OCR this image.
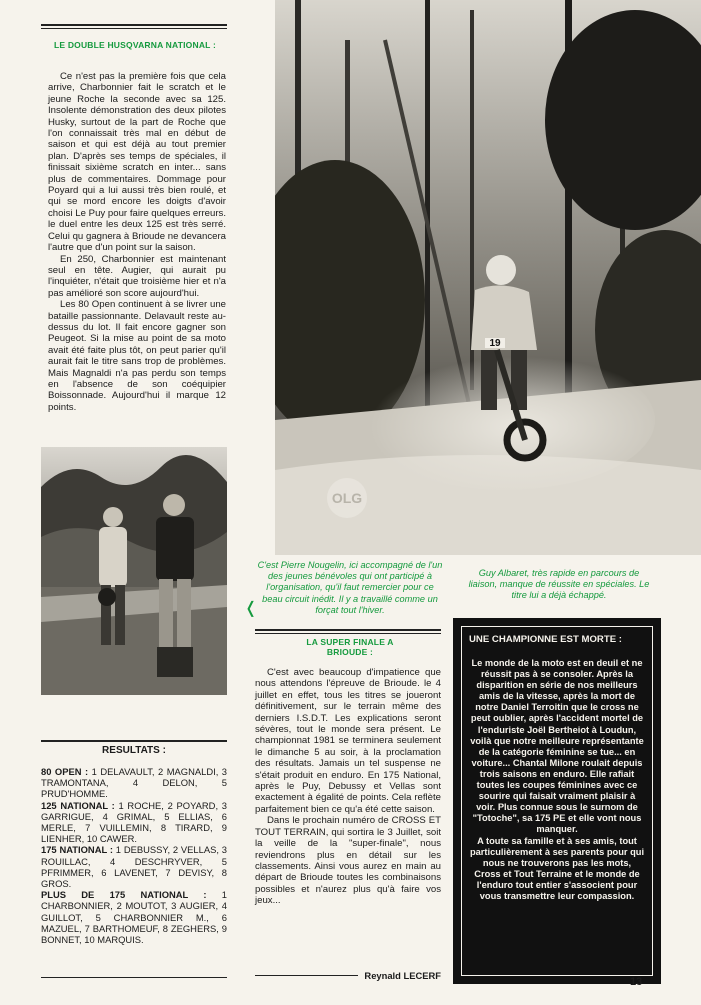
LE DOUBLE HUSQVARNA NATIONAL :

Ce n'est pas la première fois que cela arrive, Charbonnier fait le scratch et le jeune Roche la seconde avec sa 125. Insolente démonstration des deux pilotes Husky, surtout de la part de Roche que l'on connaissait très mal en début de saison et qui est déjà au tout premier plan. D'après ses temps de spéciales, il finissait sixième scratch en inter... sans plus de commentaires. Dommage pour Poyard qui a lui aussi très bien roulé, et qui se mord encore les doigts d'avoir choisi Le Puy pour faire quelques erreurs. le duel entre les deux 125 est très serré. Celui qu gagnera à Brioude ne devancera l'autre que d'un point sur la saison.

En 250, Charbonnier est maintenant seul en tête. Augier, qui aurait pu l'inquiéter, n'était que troisième hier et n'a pas amélioré son score aujourd'hui.

Les 80 Open continuent à se livrer une bataille passionnante. Delavault reste au-dessus du lot. Il fait encore gagner son Peugeot. Si la mise au point de sa moto avait été faite plus tôt, on peut parier qu'il aurait fait le titre sans trop de problèmes. Mais Magnaldi n'a pas perdu son temps en l'absence de son coéquipier Boissonnade. Aujourd'hui il marque 12 points.

19
OLG
C'est Pierre Nougelin, ici accompagné de l'un des jeunes bénévoles qui ont participé à l'organisation, qu'il faut remercier pour ce beau circuit inédit. Il y a travaillé comme un forçat tout l'hiver.
❬
Guy Albaret, très rapide en parcours de liaison, manque de réussite en spéciales. Le titre lui a déjà échappé.
RESULTATS :

80 OPEN : 1 DELAVAULT, 2 MAGNALDI, 3 TRAMONTANA, 4 DELON, 5 PRUD'HOMME.

125 NATIONAL : 1 ROCHE, 2 POYARD, 3 GARRIGUE, 4 GRIMAL, 5 ELLIAS, 6 MERLE, 7 VUILLEMIN, 8 TIRARD, 9 LIENHER, 10 CAWER.

175 NATIONAL : 1 DEBUSSY, 2 VELLAS, 3 ROUILLAC, 4 DESCHRYVER, 5 PFRIMMER, 6 LAVENET, 7 DEVISY, 8 GROS.

PLUS DE 175 NATIONAL : 1 CHARBONNIER, 2 MOUTOT, 3 AUGIER, 4 GUILLOT, 5 CHARBONNIER M., 6 MAZUEL, 7 BARTHOMEUF, 8 ZEGHERS, 9 BONNET, 10 MARQUIS.

LA SUPER FINALE A BRIOUDE :

C'est avec beaucoup d'impatience que nous attendons l'épreuve de Brioude. le 4 juillet en effet, tous les titres se joueront définitivement, sur le terrain même des derniers I.S.D.T. Les explications seront sévères, tout le monde sera présent. Le championnat 1981 se terminera seulement le dimanche 5 au soir, à la proclamation des résultats. Jamais un tel suspense ne s'était produit en enduro. En 175 National, après le Puy, Debussy et Vellas sont exactement à égalité de points. Cela reflète parfaitement bien ce qu'a été cette saison.

Dans le prochain numéro de CROSS ET TOUT TERRAIN, qui sortira le 3 Juillet, soit la veille de la "super-finale", nous reviendrons plus en détail sur les classements. Ainsi vous aurez en main au départ de Brioude toutes les combinaisons possibles et n'aurez plus qu'à faire vos jeux...

Reynald LECERF
UNE CHAMPIONNE EST MORTE :

Le monde de la moto est en deuil et ne réussit pas à se consoler. Après la disparition en série de nos meilleurs amis de la vitesse, après la mort de notre Daniel Terroitin que le cross ne peut oublier, après l'accident mortel de l'enduriste Joël Bertheiot à Loudun, voilà que notre meilleure représentante de la catégorie féminine se tue... en voiture... Chantal Milone roulait depuis trois saisons en enduro. Elle rafiait toutes les coupes féminines avec ce sourire qui faisait vraiment plaisir à voir. Plus connue sous le surnom de "Totoche", sa 175 PE et elle vont nous manquer.

A toute sa famille et à ses amis, tout particulièrement à ses parents pour qui nous ne trouverons pas les mots, Cross et Tout Terraine et le monde de l'enduro tout entier s'associent pour vous transmettre leur compassion.

13
